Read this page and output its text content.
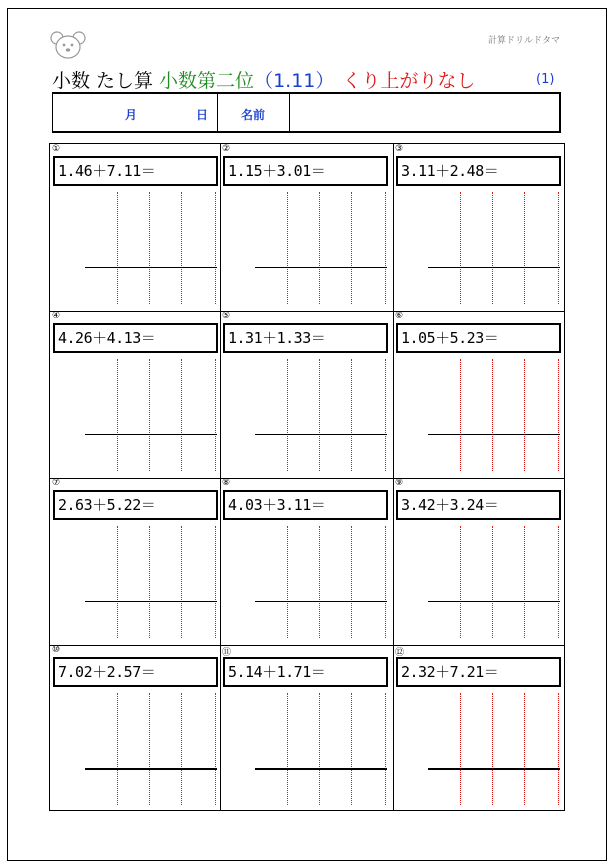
計算ドリルドタマ
小数 たし算 小数第二位（1.11） くり上がりなし	(1)
月	日	名前
①
1.46＋7.11＝
②
1.15＋3.01＝
③
3.11＋2.48＝
④
4.26＋4.13＝
⑤
1.31＋1.33＝
⑥
1.05＋5.23＝
⑦
2.63＋5.22＝
⑧
4.03＋3.11＝
⑨
3.42＋3.24＝
⑩
7.02＋2.57＝
⑪
5.14＋1.71＝
⑫
2.32＋7.21＝
